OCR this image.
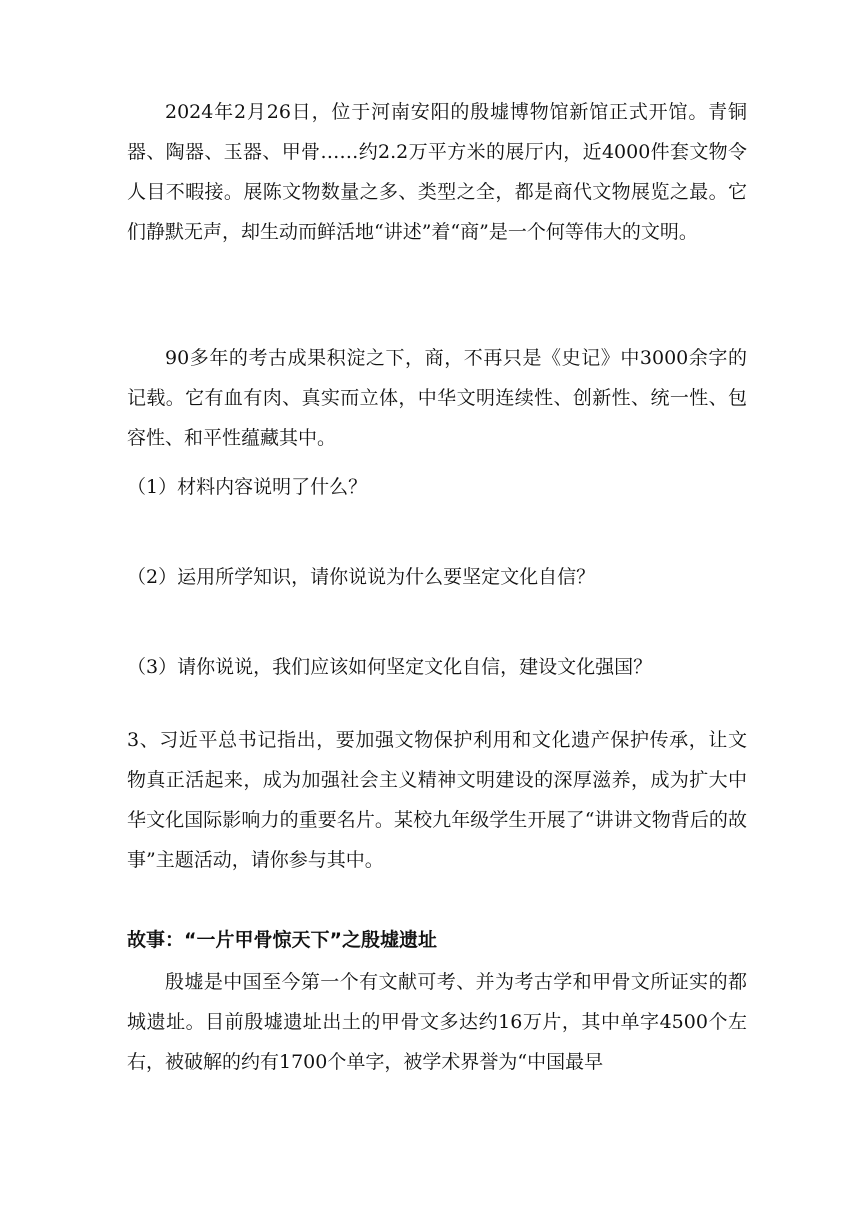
2024年2月26日，位于河南安阳的殷墟博物馆新馆正式开馆。青铜器、陶器、玉器、甲骨……约2.2万平方米的展厅内，近4000件套文物令人目不暇接。展陈文物数量之多、类型之全，都是商代文物展览之最。它们静默无声，却生动而鲜活地“讲述”着“商”是一个何等伟大的文明。

90多年的考古成果积淀之下，商，不再只是《史记》中3000余字的记载。它有血有肉、真实而立体，中华文明连续性、创新性、统一性、包容性、和平性蕴藏其中。

（1）材料内容说明了什么？

（2）运用所学知识，请你说说为什么要坚定文化自信？

（3）请你说说，我们应该如何坚定文化自信，建设文化强国？

3、习近平总书记指出，要加强文物保护利用和文化遗产保护传承，让文物真正活起来，成为加强社会主义精神文明建设的深厚滋养，成为扩大中华文化国际影响力的重要名片。某校九年级学生开展了“讲讲文物背后的故事”主题活动，请你参与其中。

故事：“一片甲骨惊天下”之殷墟遗址

殷墟是中国至今第一个有文献可考、并为考古学和甲骨文所证实的都城遗址。目前殷墟遗址出土的甲骨文多达约16万片，其中单字4500个左右，被破解的约有1700个单字，被学术界誉为“中国最早
